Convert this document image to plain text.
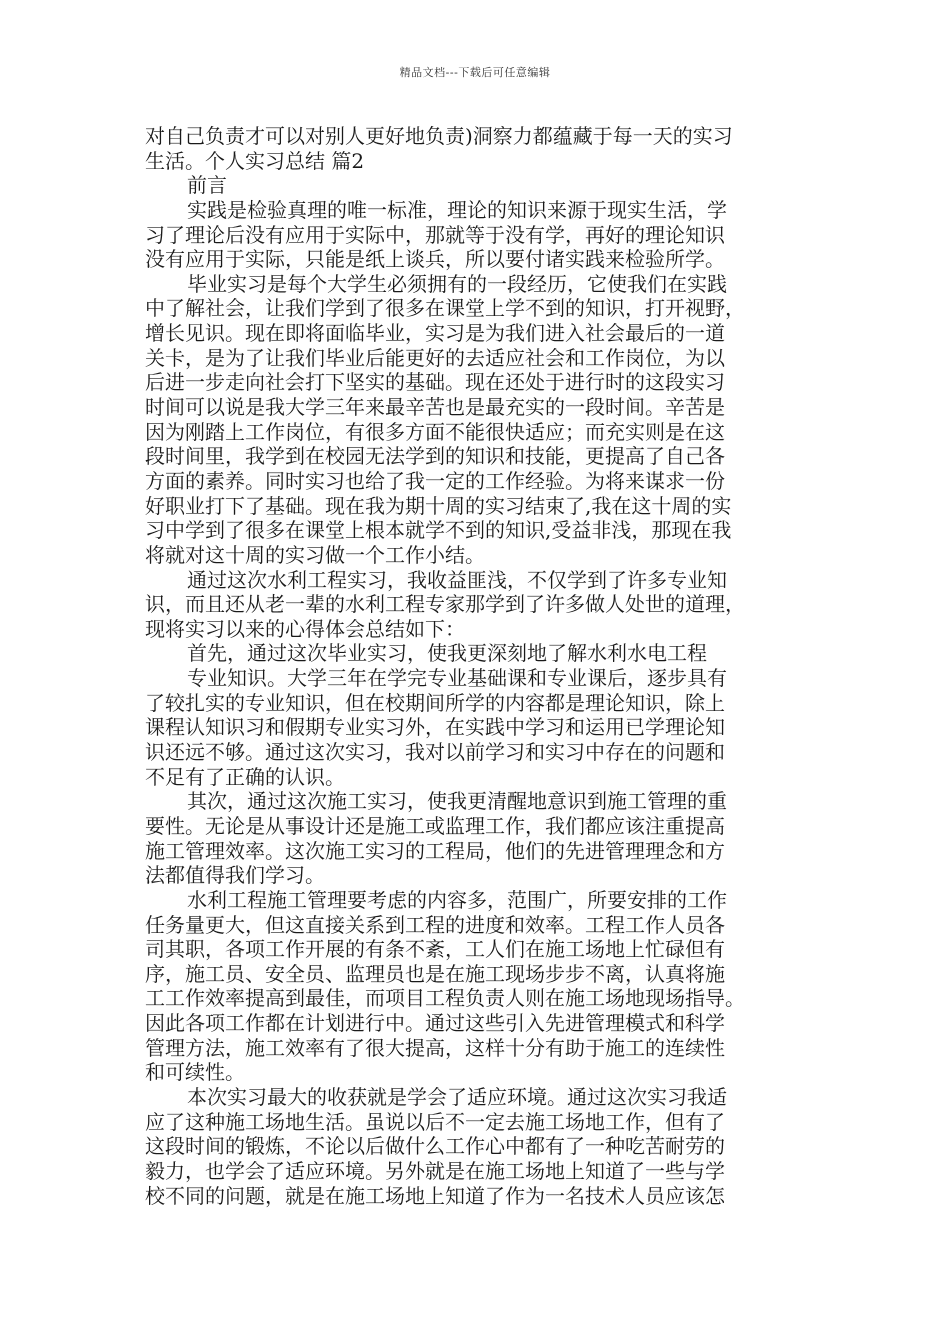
精品文档---下载后可任意编辑
对自己负责才可以对别人更好地负责)洞察力都蕴藏于每一天的实习
生活。个人实习总结 篇2
前言
实践是检验真理的唯一标准，理论的知识来源于现实生活，学
习了理论后没有应用于实际中，那就等于没有学，再好的理论知识
没有应用于实际，只能是纸上谈兵，所以要付诸实践来检验所学。
毕业实习是每个大学生必须拥有的一段经历，它使我们在实践
中了解社会，让我们学到了很多在课堂上学不到的知识，打开视野，
增长见识。现在即将面临毕业，实习是为我们进入社会最后的一道
关卡，是为了让我们毕业后能更好的去适应社会和工作岗位，为以
后进一步走向社会打下坚实的基础。现在还处于进行时的这段实习
时间可以说是我大学三年来最辛苦也是最充实的一段时间。辛苦是
因为刚踏上工作岗位，有很多方面不能很快适应；而充实则是在这
段时间里，我学到在校园无法学到的知识和技能，更提高了自己各
方面的素养。同时实习也给了我一定的工作经验。为将来谋求一份
好职业打下了基础。现在我为期十周的实习结束了,我在这十周的实
习中学到了很多在课堂上根本就学不到的知识,受益非浅，那现在我
将就对这十周的实习做一个工作小结。
通过这次水利工程实习，我收益匪浅，不仅学到了许多专业知
识，而且还从老一辈的水利工程专家那学到了许多做人处世的道理，
现将实习以来的心得体会总结如下：
首先，通过这次毕业实习，使我更深刻地了解水利水电工程
专业知识。大学三年在学完专业基础课和专业课后，逐步具有
了较扎实的专业知识，但在校期间所学的内容都是理论知识，除上
课程认知识习和假期专业实习外，在实践中学习和运用已学理论知
识还远不够。通过这次实习，我对以前学习和实习中存在的问题和
不足有了正确的认识。
其次，通过这次施工实习，使我更清醒地意识到施工管理的重
要性。无论是从事设计还是施工或监理工作，我们都应该注重提高
施工管理效率。这次施工实习的工程局，他们的先进管理理念和方
法都值得我们学习。
水利工程施工管理要考虑的内容多，范围广，所要安排的工作
任务量更大，但这直接关系到工程的进度和效率。工程工作人员各
司其职，各项工作开展的有条不紊，工人们在施工场地上忙碌但有
序，施工员、安全员、监理员也是在施工现场步步不离，认真将施
工工作效率提高到最佳，而项目工程负责人则在施工场地现场指导。
因此各项工作都在计划进行中。通过这些引入先进管理模式和科学
管理方法，施工效率有了很大提高，这样十分有助于施工的连续性
和可续性。
本次实习最大的收获就是学会了适应环境。通过这次实习我适
应了这种施工场地生活。虽说以后不一定去施工场地工作，但有了
这段时间的锻炼，不论以后做什么工作心中都有了一种吃苦耐劳的
毅力，也学会了适应环境。另外就是在施工场地上知道了一些与学
校不同的问题，就是在施工场地上知道了作为一名技术人员应该怎
